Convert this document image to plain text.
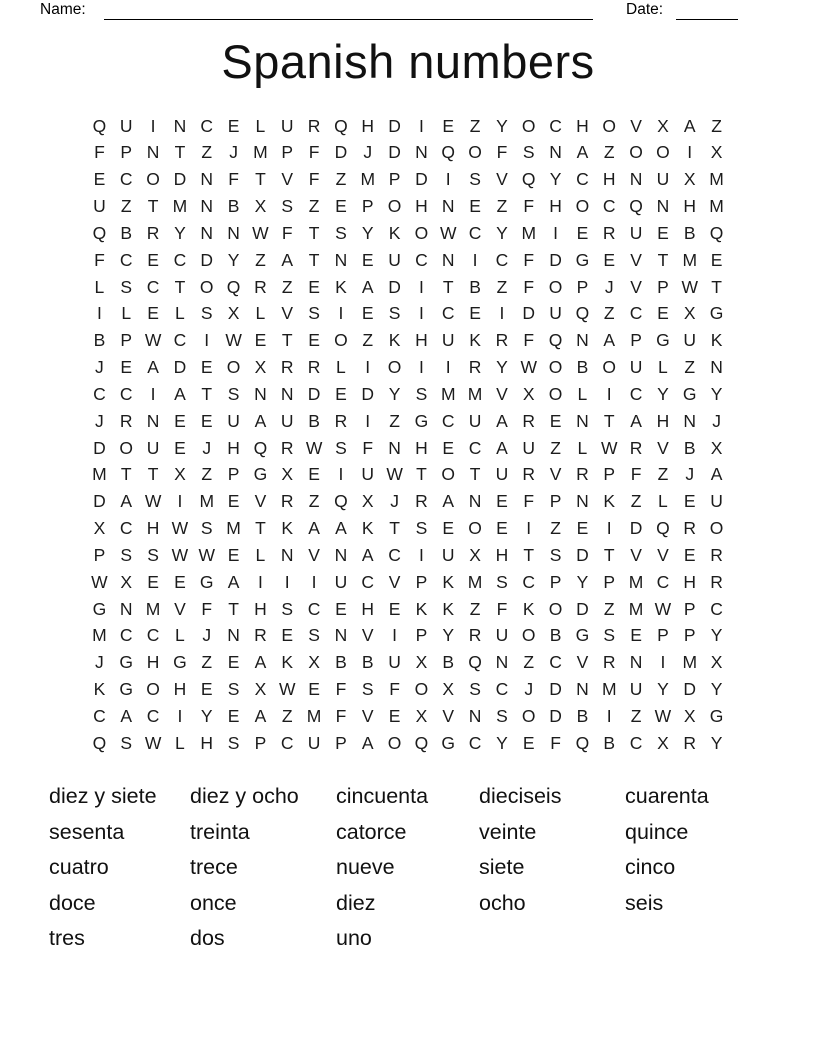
Name:	Date:
Spanish numbers
Q U	I	N C E L U R Q H D	I	E Z Y O C H O V X A Z
F P N T Z J M P F D J D N Q O F S N A Z O O	I	X
E C O D N F T V F Z M P D	I	S V Q Y C H N U X M
U Z T M N B X S Z E P O H N E Z F H O C Q N H M
Q B R Y N N W F T S Y K O W C Y M I	E R U E B Q
F C E C D Y Z A T N E U C N	I	C F D G E V T M E
L S C T O Q R Z E K A D	I	T B Z F O P J V P W T
I	L E L S X L V S	I	E S	I	C E	I	D U Q Z C E X G
B P W C	I W E T E O Z K H U K R F Q N A P G U K
J E A D E O X R R L	I	O	I	I	R Y W O B O U L Z N
C C	I	A T S N N D E D Y S M M V X O L	I	C Y G Y
J R N E E U A U B R	I	Z G C U A R E N T A H N J
D O U E J H Q R W S F N H E C A U Z L W R V B X
M T T X Z P G X E	I	U W T O T U R V R P F Z J A
D A W I M E V R Z Q X J R A N E F P N K Z L E U
X C H W S M T K A A K T S E O E	I	Z E	I	D Q R O
P S S W W E L N V N A C	I	U X H T S D T V V E R
W X E E G A	I	I	I	U C V P K M S C P Y P M C H R
G N M V F T H S C E H E K K Z F K O D Z M W P C
M C C L	J N R E S N V	I	P Y R U O B G S E P P Y
J G H G Z E A K X B B U X B Q N Z C V R N	I M X
K G O H E S X W E F S F O X S C J D N M U Y D Y
C A C	I	Y E A Z M F V E X V N S O D B	I	Z W X G
Q S W L H S P C U P A O Q G C Y E F Q B C X R Y
diez y siete
sesenta
cuatro
doce
tres
diez y ocho
treinta
trece
once
dos
cincuenta
catorce
nueve
diez
uno
dieciseis
veinte
siete
ocho
cuarenta
quince
cinco
seis
